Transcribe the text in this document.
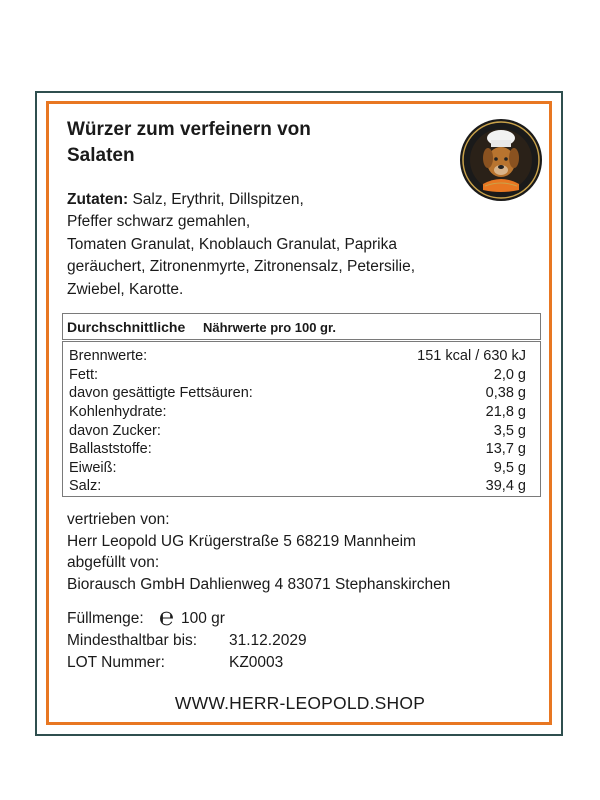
Würzer zum verfeinern von
Salaten
Zutaten: Salz, Erythrit, Dillspitzen,
Pfeffer schwarz gemahlen,
Tomaten Granulat, Knoblauch Granulat, Paprika
geräuchert, Zitronenmyrte, Zitronensalz, Petersilie,
Zwiebel, Karotte.
Durchschnittliche Nährwerte pro 100 gr.
Brennwerte:	151 kcal / 630 kJ
Fett:	2,0 g
davon gesättigte Fettsäuren:	0,38 g
Kohlenhydrate:	21,8 g
davon Zucker:	3,5 g
Ballaststoffe:	13,7 g
Eiweiß:	9,5 g
Salz:	39,4 g
vertrieben von:
Herr Leopold UG Krügerstraße 5 68219 Mannheim
abgefüllt von:
Biorausch GmbH Dahlienweg 4 83071 Stephanskirchen
Füllmenge: ℮ 100 gr
Mindesthaltbar bis: 31.12.2029
LOT Nummer:	KZ0003
WWW.HERR-LEOPOLD.SHOP
